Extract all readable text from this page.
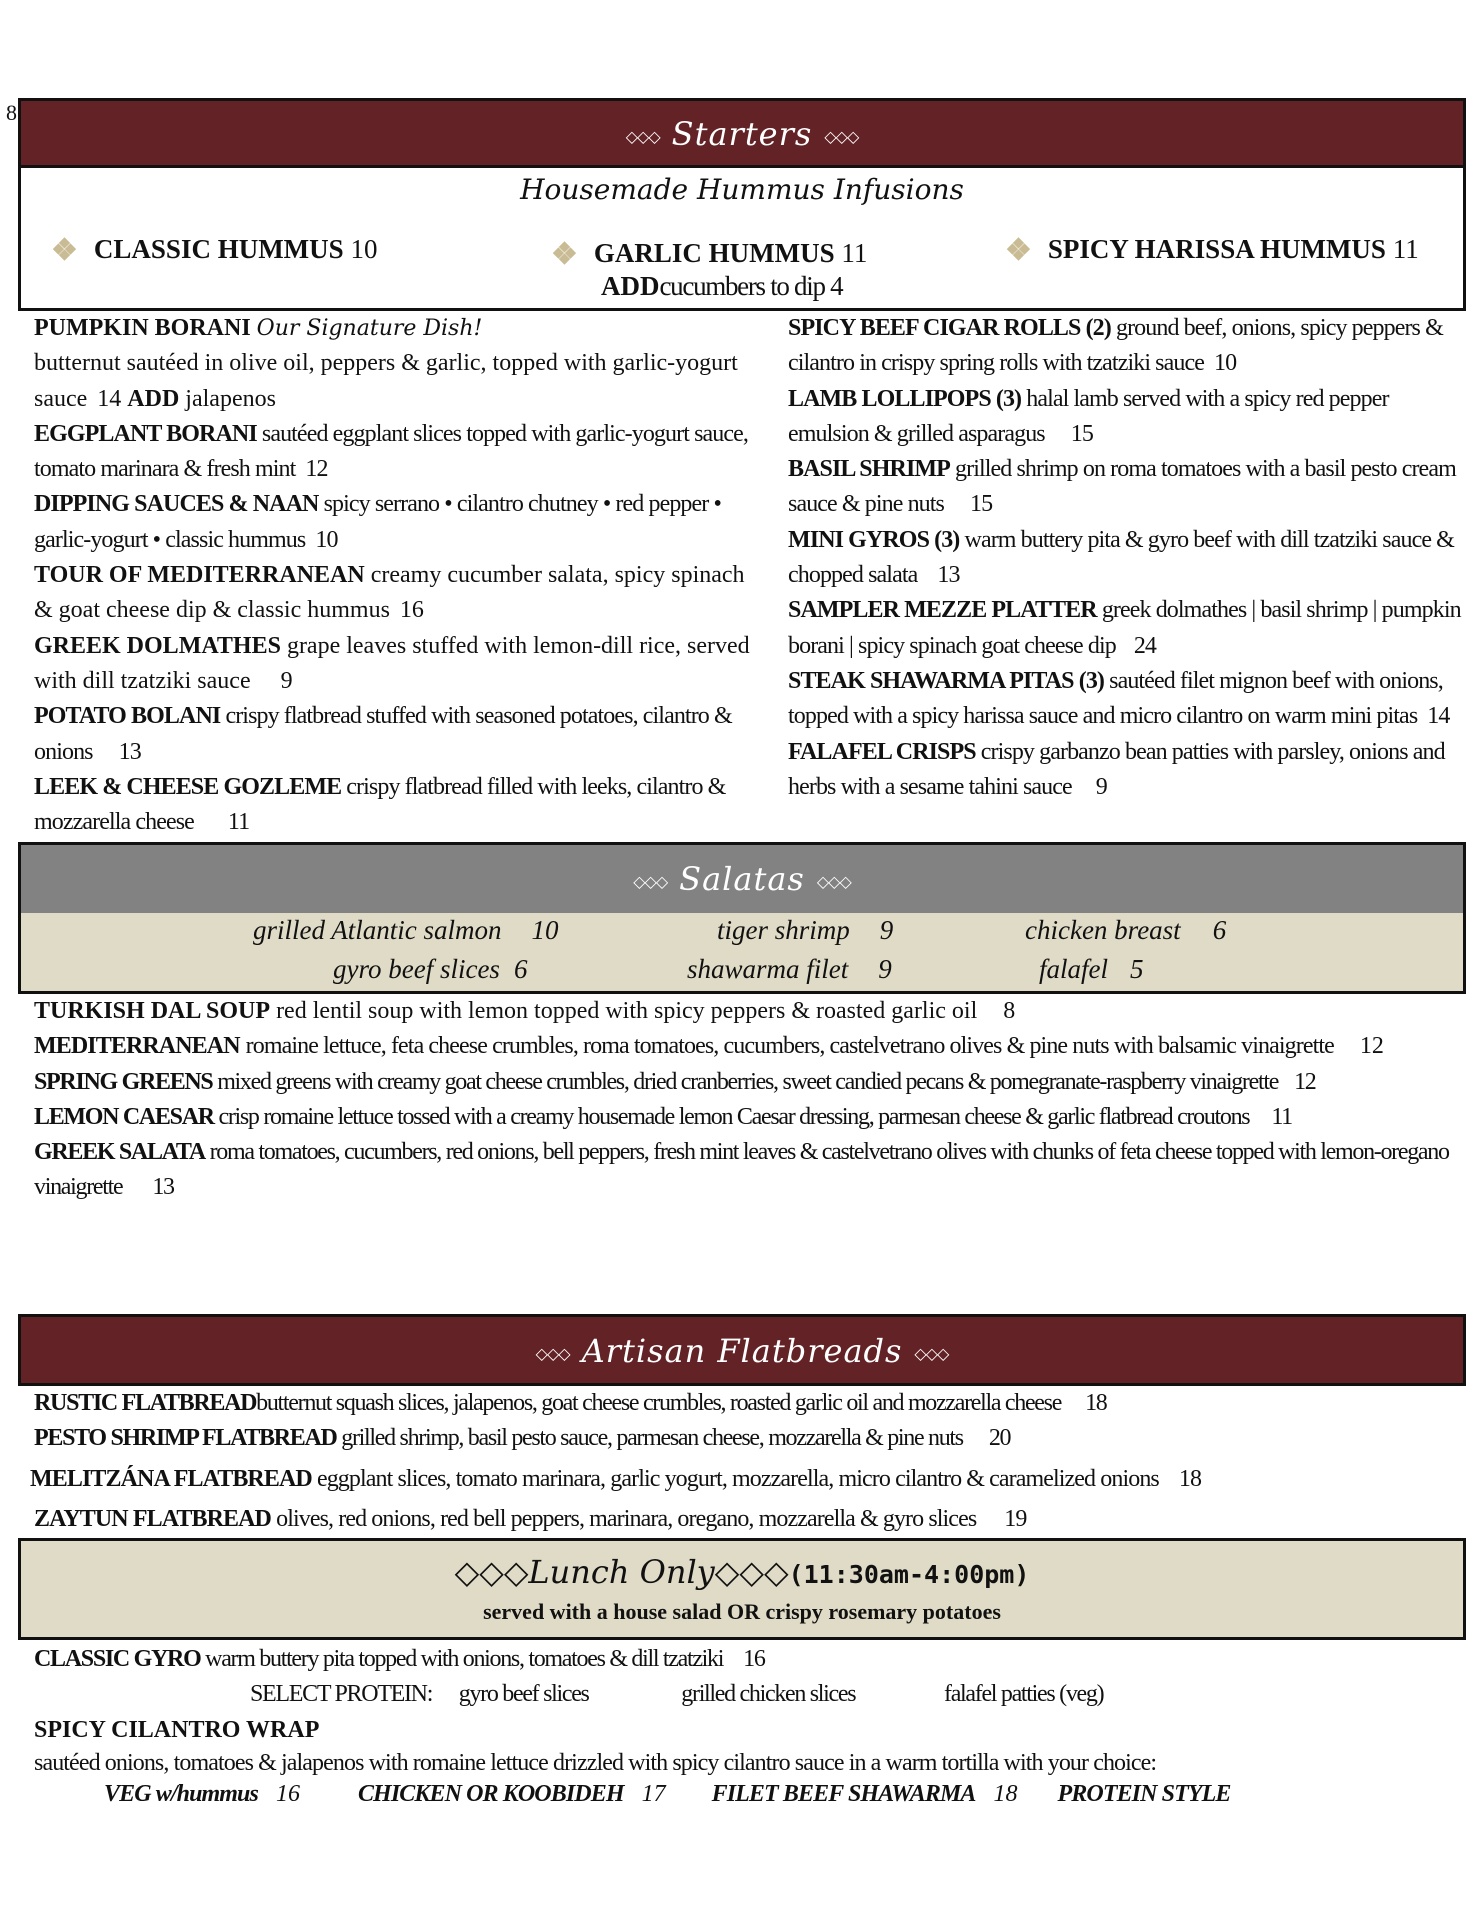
8
◇◇◇ Starters ◇◇◇
Housemade Hummus Infusions
❖ CLASSIC HUMMUS 10	❖ GARLIC HUMMUS 11	❖ SPICY HARISSA HUMMUS 11
ADDcucumbers to dip 4

PUMPKIN BORANI Our Signature Dish!
butternut sautéed in olive oil, peppers & garlic, topped with garlic-yogurt sauce 14 ADD jalapenos

EGGPLANT BORANI sautéed eggplant slices topped with garlic-yogurt sauce, tomato marinara & fresh mint 12

DIPPING SAUCES & NAAN spicy serrano • cilantro chutney • red pepper • garlic-yogurt • classic hummus 10

TOUR OF MEDITERRANEAN creamy cucumber salata, spicy spinach & goat cheese dip & classic hummus 16

GREEK DOLMATHES grape leaves stuffed with lemon-dill rice, served with dill tzatziki sauce 9

POTATO BOLANI crispy flatbread stuffed with seasoned potatoes, cilantro & onions 13

LEEK & CHEESE GOZLEME crispy flatbread filled with leeks, cilantro & mozzarella cheese 11

SPICY BEEF CIGAR ROLLS (2) ground beef, onions, spicy peppers & cilantro in crispy spring rolls with tzatziki sauce 10

LAMB LOLLIPOPS (3) halal lamb served with a spicy red pepper emulsion & grilled asparagus 15

BASIL SHRIMP grilled shrimp on roma tomatoes with a basil pesto cream sauce & pine nuts 15

MINI GYROS (3) warm buttery pita & gyro beef with dill tzatziki sauce & chopped salata 13

SAMPLER MEZZE PLATTER greek dolmathes | basil shrimp | pumpkin borani | spicy spinach goat cheese dip 24

STEAK SHAWARMA PITAS (3) sautéed filet mignon beef with onions, topped with a spicy harissa sauce and micro cilantro on warm mini pitas 14

FALAFEL CRISPS crispy garbanzo bean patties with parsley, onions and herbs with a sesame tahini sauce 9

◇◇◇ Salatas ◇◇◇
grilled Atlantic salmon 10	tiger shrimp 9	chicken breast 6
gyro beef slices 6	shawarma filet 9	falafel 5

TURKISH DAL SOUP red lentil soup with lemon topped with spicy peppers & roasted garlic oil 8

MEDITERRANEAN romaine lettuce, feta cheese crumbles, roma tomatoes, cucumbers, castelvetrano olives & pine nuts with balsamic vinaigrette 12

SPRING GREENS mixed greens with creamy goat cheese crumbles, dried cranberries, sweet candied pecans & pomegranate-raspberry vinaigrette 12

LEMON CAESAR crisp romaine lettuce tossed with a creamy housemade lemon Caesar dressing, parmesan cheese & garlic flatbread croutons 11

GREEK SALATA roma tomatoes, cucumbers, red onions, bell peppers, fresh mint leaves & castelvetrano olives with chunks of feta cheese topped with lemon-oregano vinaigrette 13

◇◇◇ Artisan Flatbreads ◇◇◇

RUSTIC FLATBREADbutternut squash slices, jalapenos, goat cheese crumbles, roasted garlic oil and mozzarella cheese 18

PESTO SHRIMP FLATBREAD grilled shrimp, basil pesto sauce, parmesan cheese, mozzarella & pine nuts 20

MELITZÁNA FLATBREAD eggplant slices, tomato marinara, garlic yogurt, mozzarella, micro cilantro & caramelized onions 18

ZAYTUN FLATBREAD olives, red onions, red bell peppers, marinara, oregano, mozzarella & gyro slices 19

◇◇◇Lunch Only◇◇◇(11:30am-4:00pm)
served with a house salad OR crispy rosemary potatoes

CLASSIC GYRO warm buttery pita topped with onions, tomatoes & dill tzatziki 16

SELECT PROTEIN: gyro beef slices	grilled chicken slices	falafel patties (veg)

SPICY CILANTRO WRAP

sautéed onions, tomatoes & jalapenos with romaine lettuce drizzled with spicy cilantro sauce in a warm tortilla with your choice:

VEG w/hummus 16 CHICKEN OR KOOBIDEH 17 FILET BEEF SHAWARMA 18 PROTEIN STYLE
